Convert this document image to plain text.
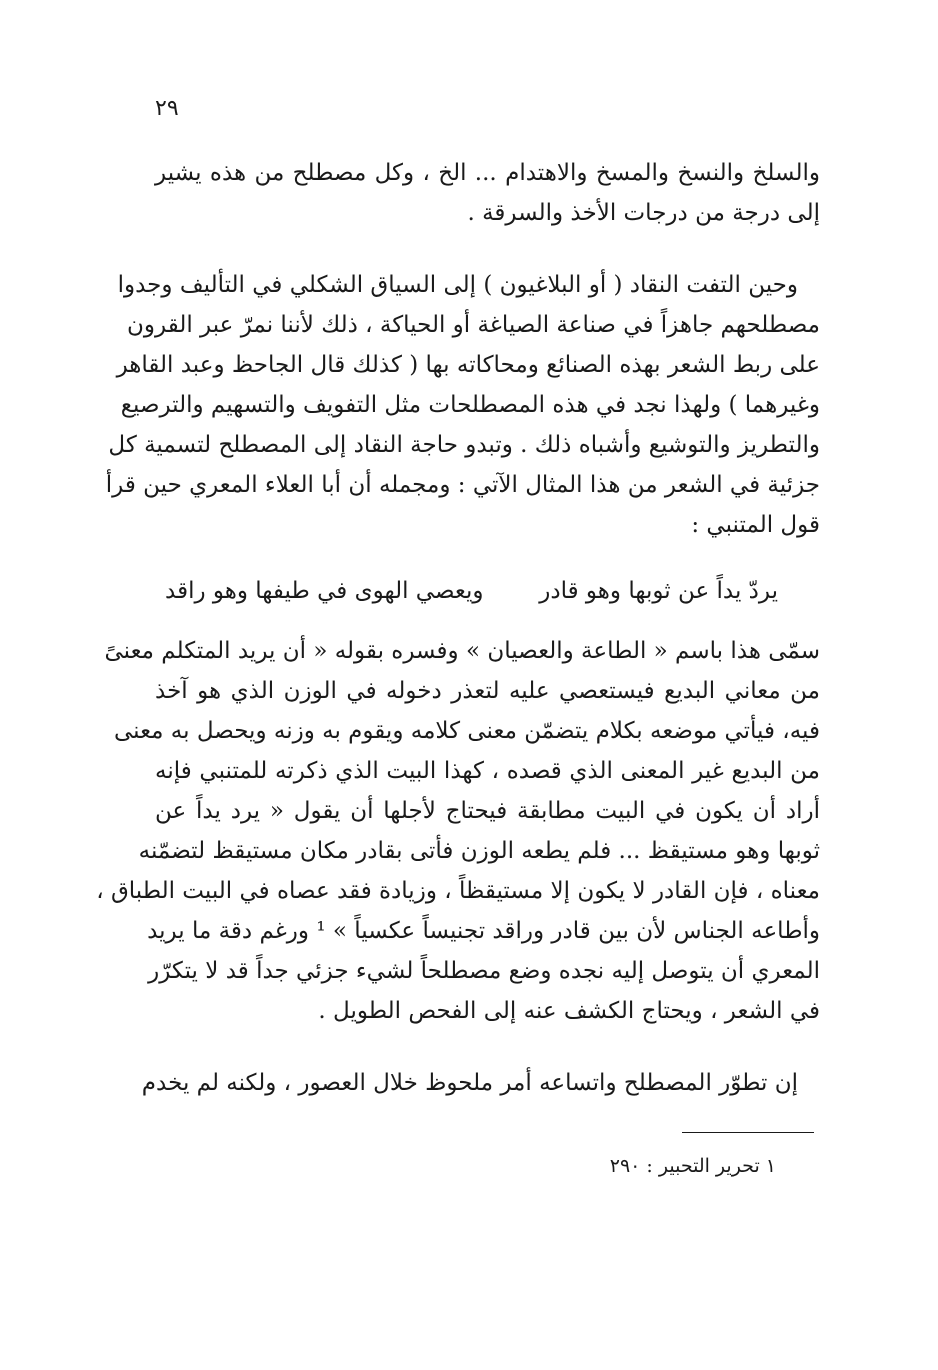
٢٩
والسلخ والنسخ والمسخ والاهتدام ... الخ ، وكل مصطلح من هذه يشير
إلى درجة من درجات الأخذ والسرقة .
وحين التفت النقاد ( أو البلاغيون ) إلى السياق الشكلي في التأليف وجدوا
مصطلحهم جاهزاً في صناعة الصياغة أو الحياكة ، ذلك لأننا نمرّ عبر القرون
على ربط الشعر بهذه الصنائع ومحاكاته بها ( كذلك قال الجاحظ وعبد القاهر
وغيرهما ) ولهذا نجد في هذه المصطلحات مثل التفويف والتسهيم والترصيع
والتطريز والتوشيع وأشباه ذلك . وتبدو حاجة النقاد إلى المصطلح لتسمية كل
جزئية في الشعر من هذا المثال الآتي : ومجمله أن أبا العلاء المعري حين قرأ
قول المتنبي :
يردّ يداً عن ثوبها وهو قادر
ويعصي الهوى في طيفها وهو راقد
سمّى هذا باسم « الطاعة والعصيان » وفسره بقوله « أن يريد المتكلم معنىً
من معاني البديع فيستعصي عليه لتعذر دخوله في الوزن الذي هو آخذ
فيه، فيأتي موضعه بكلام يتضمّن معنى كلامه ويقوم به وزنه ويحصل به معنى
من البديع غير المعنى الذي قصده ، كهذا البيت الذي ذكرته للمتنبي فإنه
أراد أن يكون في البيت مطابقة فيحتاج لأجلها أن يقول « يرد يداً عن
ثوبها وهو مستيقظ ... فلم يطعه الوزن فأتى بقادر مكان مستيقظ لتضمّنه
معناه ، فإن القادر لا يكون إلا مستيقظاً ، وزيادة فقد عصاه في البيت الطباق ،
وأطاعه الجناس لأن بين قادر وراقد تجنيساً عكسياً » ¹ ورغم دقة ما يريد
المعري أن يتوصل إليه نجده وضع مصطلحاً لشيء جزئي جداً قد لا يتكرّر
في الشعر ، ويحتاج الكشف عنه إلى الفحص الطويل .
إن تطوّر المصطلح واتساعه أمر ملحوظ خلال العصور ، ولكنه لم يخدم
١ تحرير التحبير : ٢٩٠
